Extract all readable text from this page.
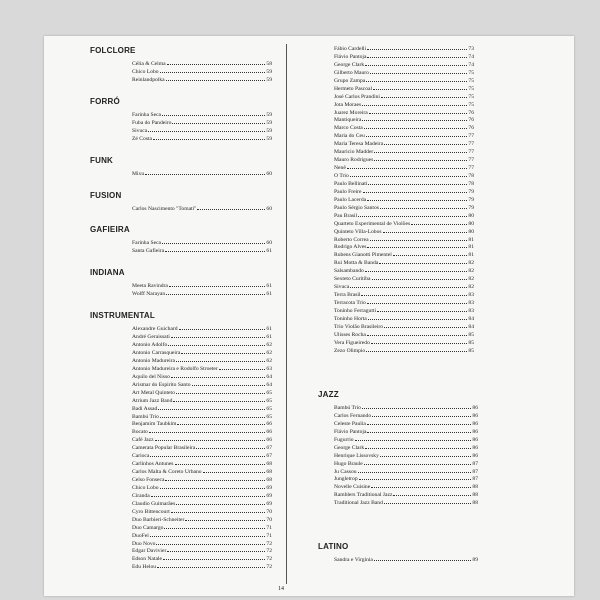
FOLCLORE
Célia & Celma	58
Chico Lobo	59
Reinlandpolka	59
FORRÓ
Farinha Seca	59
Fuba do Pandeiro	59
Sivuca	59
Zé Costa	59
FUNK
Mixu	60
FUSION
Carlos Nascimento "Tomati"	60
GAFIEIRA
Farinha Seca	60
Santa Gafieira	61
INDIANA
Meeta Ravindra	61
Wolff Narayan	61
INSTRUMENTAL
Alexandre Guichard	61
André Geraissati	61
Antonio Adolfo	62
Antonio Carrasqueira	62
Antonio Madureira	62
Antonio Madureira e Rodolfo Stroeter	63
Aquilo del Nisso	64
Arismar do Espirito Santo	64
Art Metal Quinteto	65
Atrium Jazz Band	65
Badi Assad	65
Bambú Trio	65
Benjamim Taubkim	66
Bocato	66
Café Jazz	66
Camerata Popular Brasileira	67
Carioca	67
Carlinhos Antunes	68
Carlos Malta & Coreto Urbano	68
Celso Fonseca	68
Chico Lobo	69
Ciranda	69
Claudio Guimarães	69
Cyro Bittencourt	70
Duo Barbieri-Schneiter	70
Duo Camargo	71
DuoFel	71
Duo Novo	72
Edgar Davivier	72
Edson Natale	72
Edu Helou	72
Fábio Cardelli	73
Flávio Pantoja	74
George Clark	74
Gilberto Mauro	75
Grupo Zampa	75
Hermeto Pascoal	75
José Carlos Prandini	75
Jota Moraes	75
Juarez Moreira	76
Mantiqueira	76
Marco Costa	76
Maria do Ceu	77
Maria Teresa Madeira	77
Mauricio Madder	77
Mauro Rodrigues	77
Nenê	77
O Trio	78
Paulo Bellinati	78
Paulo Freire	79
Paulo Lacerda	79
Paulo Sérgio Santos	79
Pau Brasil	80
Quarteto Experimental de Violões	80
Quinteto Villa-Lobos	80
Roberto Correa	81
Rodrigo Alves	81
Rubens Gianotti Pimentel	81
Rui Motta & Banda	82
Salsambando	82
Sexteto Curitiba	82
Sivuca	82
Terra Brasil	83
Terracota Trio	83
Toninho Ferragutti	83
Toninho Horta	84
Trio Violão Brasileiro	84
Ulisses Rocha	85
Vera Figueiredo	85
Zezo Olimpio	85
JAZZ
Bambú Trio	86
Carlos Fernando	86
Celeste Paulia	86
Flávio Pantoja	86
Fugurrio	86
George Clark	86
Henrique Lissovsky	86
Hugo Braule	87
Ju Cassou	87
Jungletrop	87
Novelle Cuisine	88
Ramblers Traditional Jazz	88
Traditional Jazz Band	88
LATINO
Sandra e Virginia	89
14
